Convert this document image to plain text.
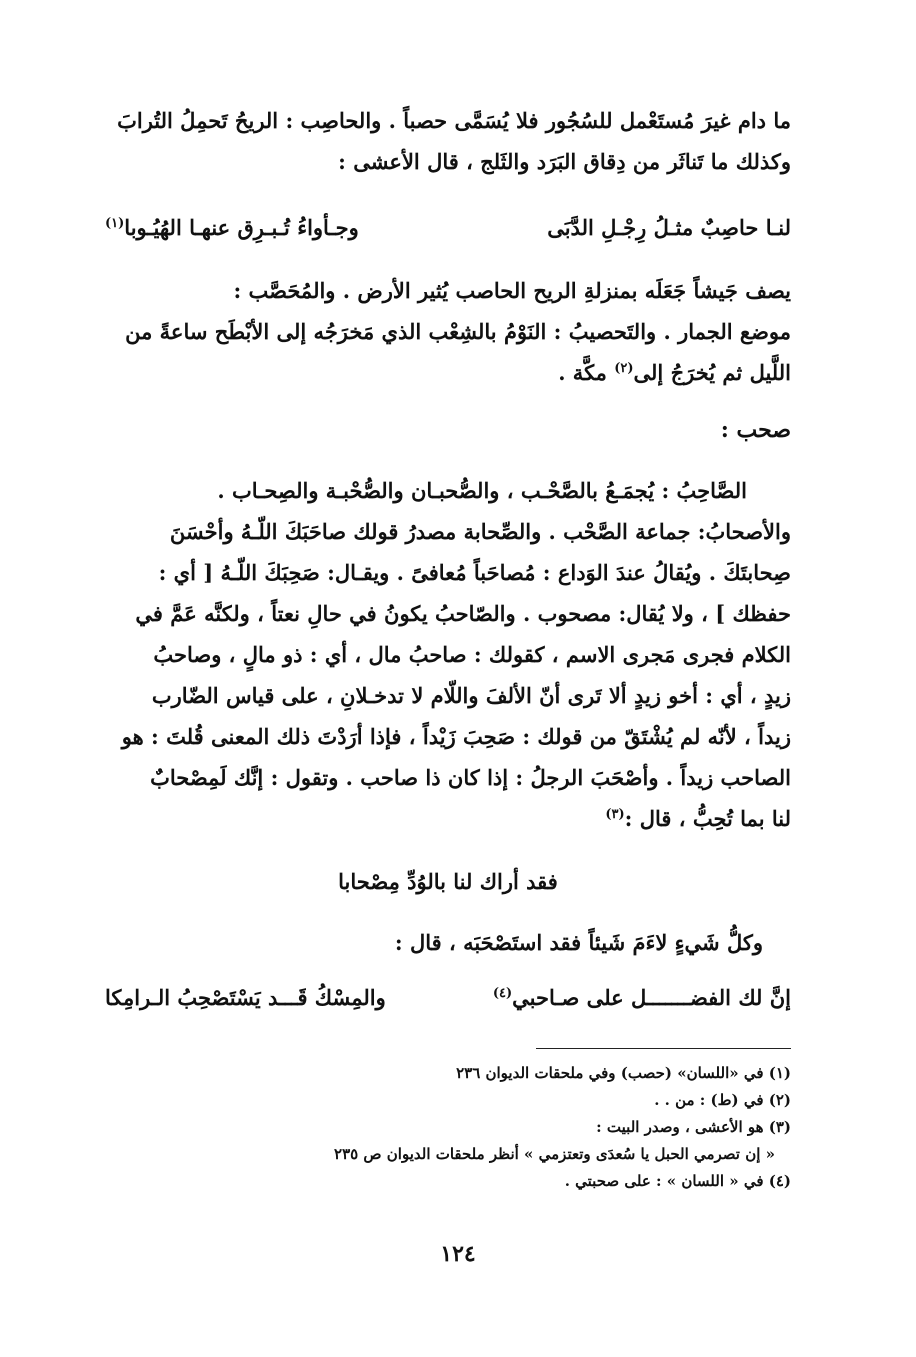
ما دام غيرَ مُستَعْمل للسُجُور فلا يُسَمَّى حصباً . والحاصِب : الريحُ تَحمِلُ التُرابَ
وكذلك ما تَناثَر من دِقاق البَرَد والثَلج ، قال الأعشى :
لنـا حاصِبٌ مثـلُ رِجْـلِ الدَّبَى
وجـأواءُ تُـبـرِق عنهـا الهُيُـوبا$^{(١)}$
يصف جَيشاً جَعَلَه بمنزلةِ الريح الحاصب يُثير الأرض . والمُحَصَّب :
موضع الجمار . والتَحصيبُ : النَوْمُ بالشِعْب الذي مَخرَجُه إلى الأبْطَح ساعةً من
اللَّيل ثم يُخرَجُ إلى$^{(٢)}$ مكَّة .
صحب :
الصَّاحِبُ : يُجمَـعُ بالصَّحْـب ، والصُّحبـان والصُّحْبـة والصِحـاب .
والأصحابُ: جماعة الصَّحْب . والصِّحابة مصدرُ قولك صاحَبَكَ اللّـهُ وأحْسَنَ
صِحابتَكَ . ويُقالُ عندَ الوَداع : مُصاحَباً مُعافىً . ويقـال: صَحِبَكَ اللّـهُ [ أي :
حفظك ] ، ولا يُقال: مصحوب . والصّاحبُ يكونُ في حالِ نعتاً ، ولكنَّه عَمَّ في
الكلام فجرى مَجرى الاسم ، كقولك : صاحبُ مال ، أي : ذو مالٍ ، وصاحبُ
زيدٍ ، أي : أخو زيدٍ ألا تَرى أنّ الألفَ واللّام لا تدخـلانِ ، على قياس الضّارب
زيداً ، لأنّه لم يُشْتَقّ من قولك : صَحِبَ زَيْداً ، فإذا أرَدْتَ ذلك المعنى قُلتَ : هو
الصاحب زيداً . وأصْحَبَ الرجلُ : إذا كان ذا صاحب . وتقول : إنَّك لَمِصْحابٌ
لنا بما تُحِبُّ ، قال :$^{(٣)}$
فقد أراك لنا بالوُدِّ مِصْحابا
وكلُّ شَيءٍ لاءَمَ شَيئاً فقد استَصْحَبَه ، قال :
إنَّ لك الفضـــــــل على صـاحبي$^{(٤)}$
والمِسْكُ قَـــد يَسْتَصْحِبُ الـرامِكا
(١) في «اللسان» (حصب) وفي ملحقات الديوان ٢٣٦
(٢) في (ط) : من . .
(٣) هو الأعشى ، وصدر البيت :
« إن تصرمي الحبل يا سُعدَى وتعتزمي » أنظر ملحقات الديوان ص ٢٣٥
(٤) في « اللسان » : على صحبتي .
١٢٤
